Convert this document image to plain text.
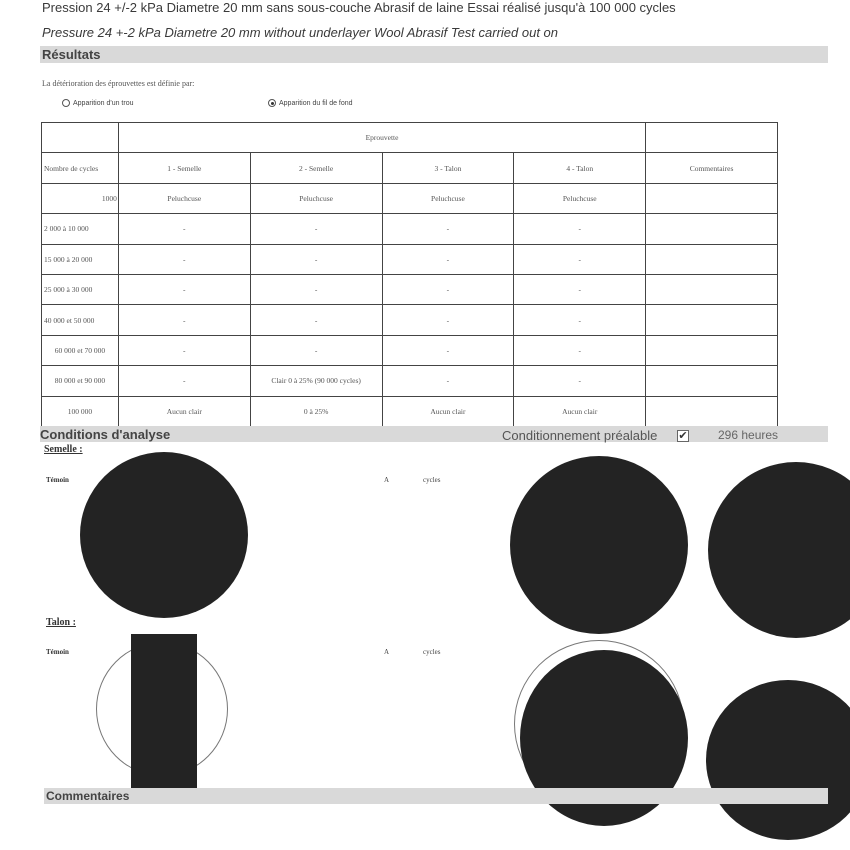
Pression 24 +/-2 kPa Diametre 20 mm sans sous-couche Abrasif de laine Essai réalisé jusqu'à 100 000 cycles
Pressure 24 +-2 kPa Diametre 20 mm without underlayer Wool Abrasif Test carried out on
Résultats
La détérioration des éprouvettes est définie par:
Apparition d'un trou	Apparition du fil de fond
	Eprouvette				
Nombre de cycles	1 - Semelle	2 - Semelle	3 - Talon	4 - Talon	Commentaires
1000	Peluchcuse	Peluchcuse	Peluchcuse	Peluchcuse	
2 000 à 10 000	-	-	-	-	
15 000 à 20 000	-	-	-	-	
25 000 à 30 000	-	-	-	-	
40 000 et 50 000	-	-	-	-	
60 000 et 70 000	-	-	-	-	
80 000 et 90 000	-	Clair 0 à 25% (90 000 cycles)	-	-	
100 000	Aucun clair	0 à 25%	Aucun clair	Aucun clair	
Conditions d'analyse	Conditionnement préalable ✔	296 heures
Semelle :
Témoin	A	cycles
Talon :
Témoin	A	cycles
Commentaires
